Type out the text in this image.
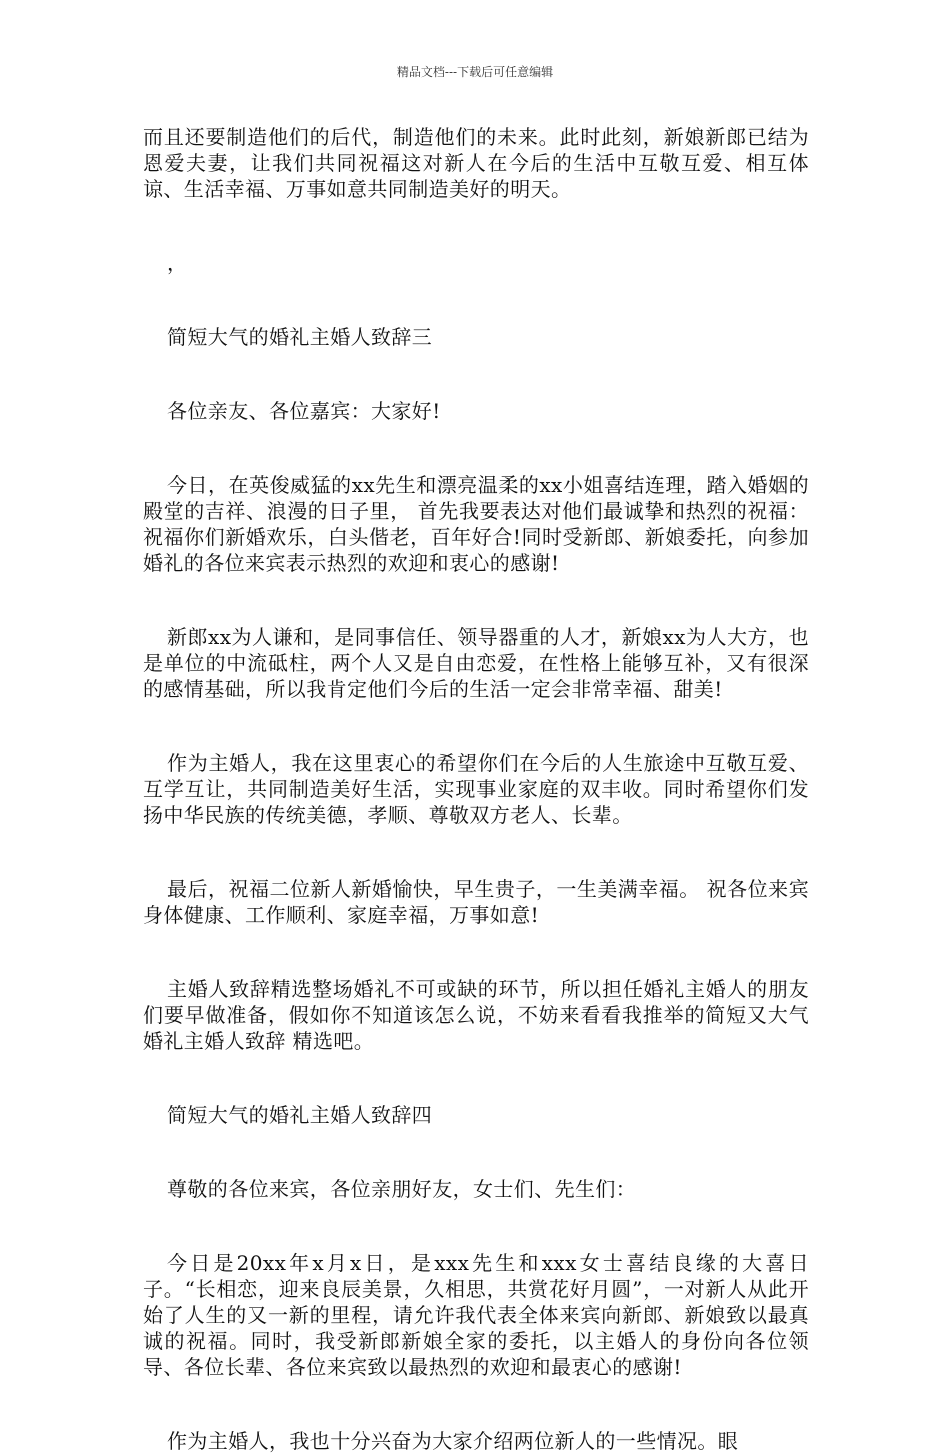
精品文档---下载后可任意编辑

而且还要制造他们的后代，制造他们的未来。此时此刻，新娘新郎已结为恩爱夫妻，让我们共同祝福这对新人在今后的生活中互敬互爱、相互体谅、生活幸福、万事如意共同制造美好的明天。

，

简短大气的婚礼主婚人致辞三

各位亲友、各位嘉宾：大家好!

今日，在英俊威猛的xx先生和漂亮温柔的xx小姐喜结连理，踏入婚姻的殿堂的吉祥、浪漫的日子里， 首先我要表达对他们最诚挚和热烈的祝福：祝福你们新婚欢乐，白头偕老，百年好合!同时受新郎、新娘委托，向参加婚礼的各位来宾表示热烈的欢迎和衷心的感谢!

新郎xx为人谦和，是同事信任、领导器重的人才，新娘xx为人大方，也是单位的中流砥柱，两个人又是自由恋爱，在性格上能够互补，又有很深的感情基础，所以我肯定他们今后的生活一定会非常幸福、甜美!

作为主婚人，我在这里衷心的希望你们在今后的人生旅途中互敬互爱、互学互让，共同制造美好生活，实现事业家庭的双丰收。同时希望你们发扬中华民族的传统美德，孝顺、尊敬双方老人、长辈。

最后，祝福二位新人新婚愉快，早生贵子，一生美满幸福。 祝各位来宾身体健康、工作顺利、家庭幸福，万事如意!

主婚人致辞精选整场婚礼不可或缺的环节，所以担任婚礼主婚人的朋友们要早做准备，假如你不知道该怎么说，不妨来看看我推举的简短又大气 婚礼主婚人致辞 精选吧。

简短大气的婚礼主婚人致辞四

尊敬的各位来宾，各位亲朋好友，女士们、先生们：

今日是20xx年x月x日，是xxx先生和xxx女士喜结良缘的大喜日子。“长相恋，迎来良辰美景，久相思，共赏花好月圆”，一对新人从此开始了人生的又一新的里程，请允许我代表全体来宾向新郎、新娘致以最真诚的祝福。同时，我受新郎新娘全家的委托，以主婚人的身份向各位领导、各位长辈、各位来宾致以最热烈的欢迎和最衷心的感谢!

作为主婚人，我也十分兴奋为大家介绍两位新人的一些情况。眼
